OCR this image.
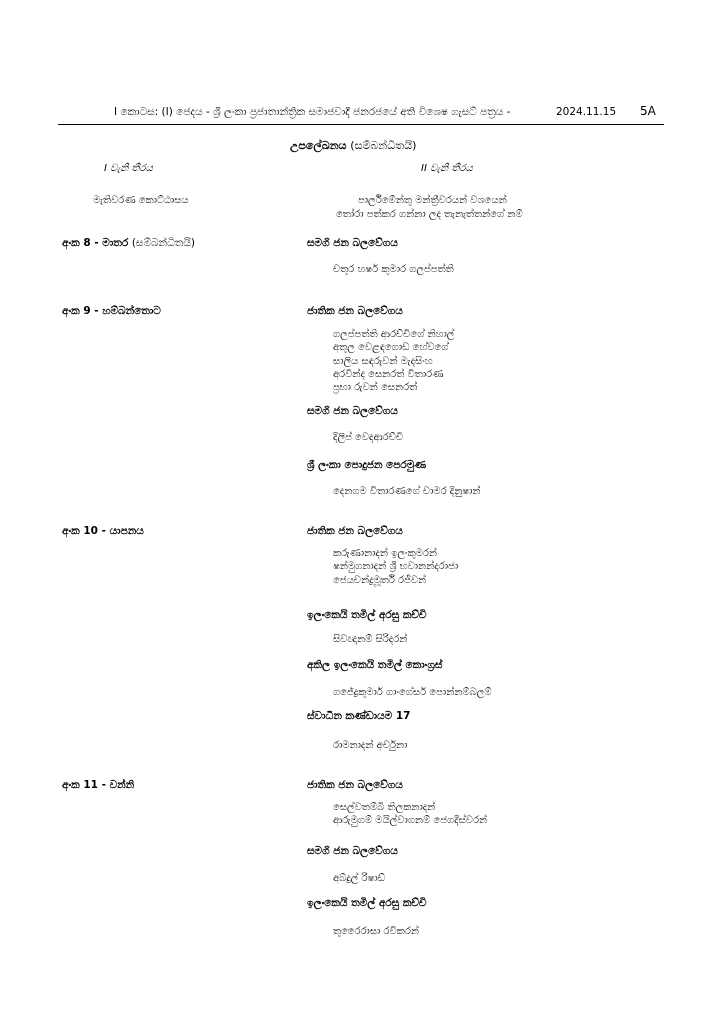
I කොටස: (I) ජෙදය - ශ්‍රී ලංකා ප්‍රජාතාන්ත්‍රික සමාජවාදී ජනරජයේ අති විශෙෂ ගැසට් පත්‍රය -	2024.11.15 5A
උපලේඛනය (සම්බන්ධිතයි)
I වැනි තීරය	II වැනි තීරය
මැතිවරණ කොට්ඨාසය	පාර්ලිමේන්තු මන්ත්‍රීවරයන් වශයෙන්
තෝරා පත්කර ගන්නා ලද තැනැත්තන්ගේ නම්
අංක 8 - මාතර (සම්බන්ධිතයි)	සමගි ජන බලවේගය
චතුර හර්ෂ කුමාර ගලප්පත්ති
අංක 9 - හම්බන්තොට	ජාතික ජන බලවේගය
ගලප්පත්ති ආරච්චිගේ නිහාල්
අතුල වෙළඳගොඩ හේවගේ
සාලිය සඳරුවන් මැදසිංහ
අරවින්ද සෙනරත් විතාරණ
ප්‍රභා රුවන් සෙනරත්
සමගි ජන බලවේගය
දිලිප් වෙදආරච්චි
ශ්‍රී ලංකා පොදුජන පෙරමුණ
දෙනගම විතාරණගේ චාමර දිනුෂාන්
අංක 10 - යාපනය	ජාතික ජන බලවේගය
කරුණානාදන් ඉලංකුමරන්
ෂන්මුගනාදන් ශ්‍රී භවානන්දරාජා
ජෙයචන්ද්‍රමූර්ති රජීවන්
ඉලංකෙයි තමිල් අරසු කච්චි
සිවඥානම් සිරිදරන්
අකිල ඉලංකෙයි තමිල් කොංග්‍රස්
ගජේද්‍රකුමාර් ගාංගේසර් පොන්නම්බලම්
ස්වාධීන කණ්ඩායම 17
රාමනාදන් අර්චුනා
අංක 11 - වන්නි	ජාතික ජන බලවේගය
සෙල්වතම්බි තිලකනාදන්
ආරුමුගම් මයිල්වාගනම් ජෙගදීස්වරන්
සමගි ජන බලවේගය
අබ්දුල් රිෂාඩ්
ඉලංකෙයි තමිල් අරසු කච්චි
තුරෛරාසා රවිකරන්
